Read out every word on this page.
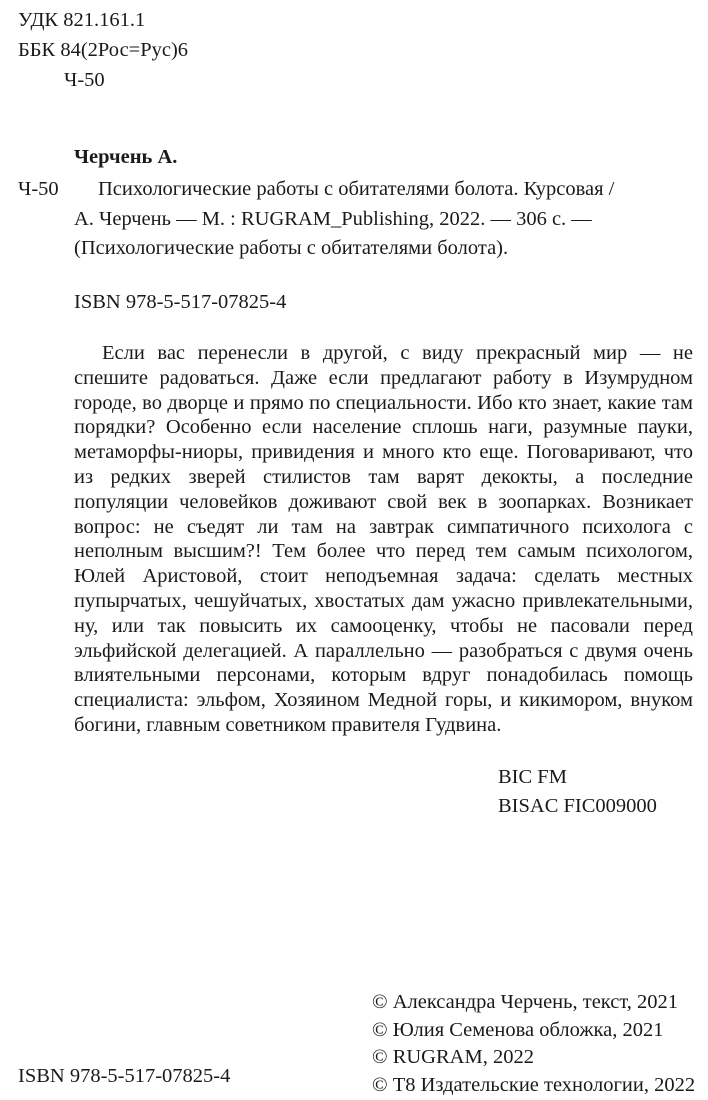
УДК 821.161.1
ББК 84(2Рос=Рус)6
Ч-50
Черчень А.
Ч-50 Психологические работы с обитателями болота. Курсовая /
А. Черчень — М. : RUGRAM_Publishing, 2022. — 306 с. —
(Психологические работы с обитателями болота).
ISBN 978-5-517-07825-4
Если вас перенесли в другой, с виду прекрасный мир — не спешите радоваться. Даже если предлагают работу в Изумрудном городе, во дворце и прямо по специальности. Ибо кто знает, какие там порядки? Особенно если население сплошь наги, разумные пауки, метаморфы-ниоры, привидения и много кто еще. Поговаривают, что из редких зверей стилистов там варят декокты, а последние популяции человейков доживают свой век в зоопарках. Возникает вопрос: не съедят ли там на завтрак симпатичного психолога с неполным высшим?! Тем более что перед тем самым психологом, Юлей Аристовой, стоит неподъемная задача: сделать местных пупырчатых, чешуйчатых, хвостатых дам ужасно привлекательными, ну, или так повысить их самооценку, чтобы не пасовали перед эльфийской делегацией. А параллельно — разобраться с двумя очень влиятельными персонами, которым вдруг понадобилась помощь специалиста: эльфом, Хозяином Медной горы, и кикимором, внуком богини, главным советником правителя Гудвина.
BIC FM
BISAC FIC009000
ISBN 978-5-517-07825-4
© Александра Черчень, текст, 2021
© Юлия Семенова обложка, 2021
© RUGRAM, 2022
© Т8 Издательские технологии, 2022
